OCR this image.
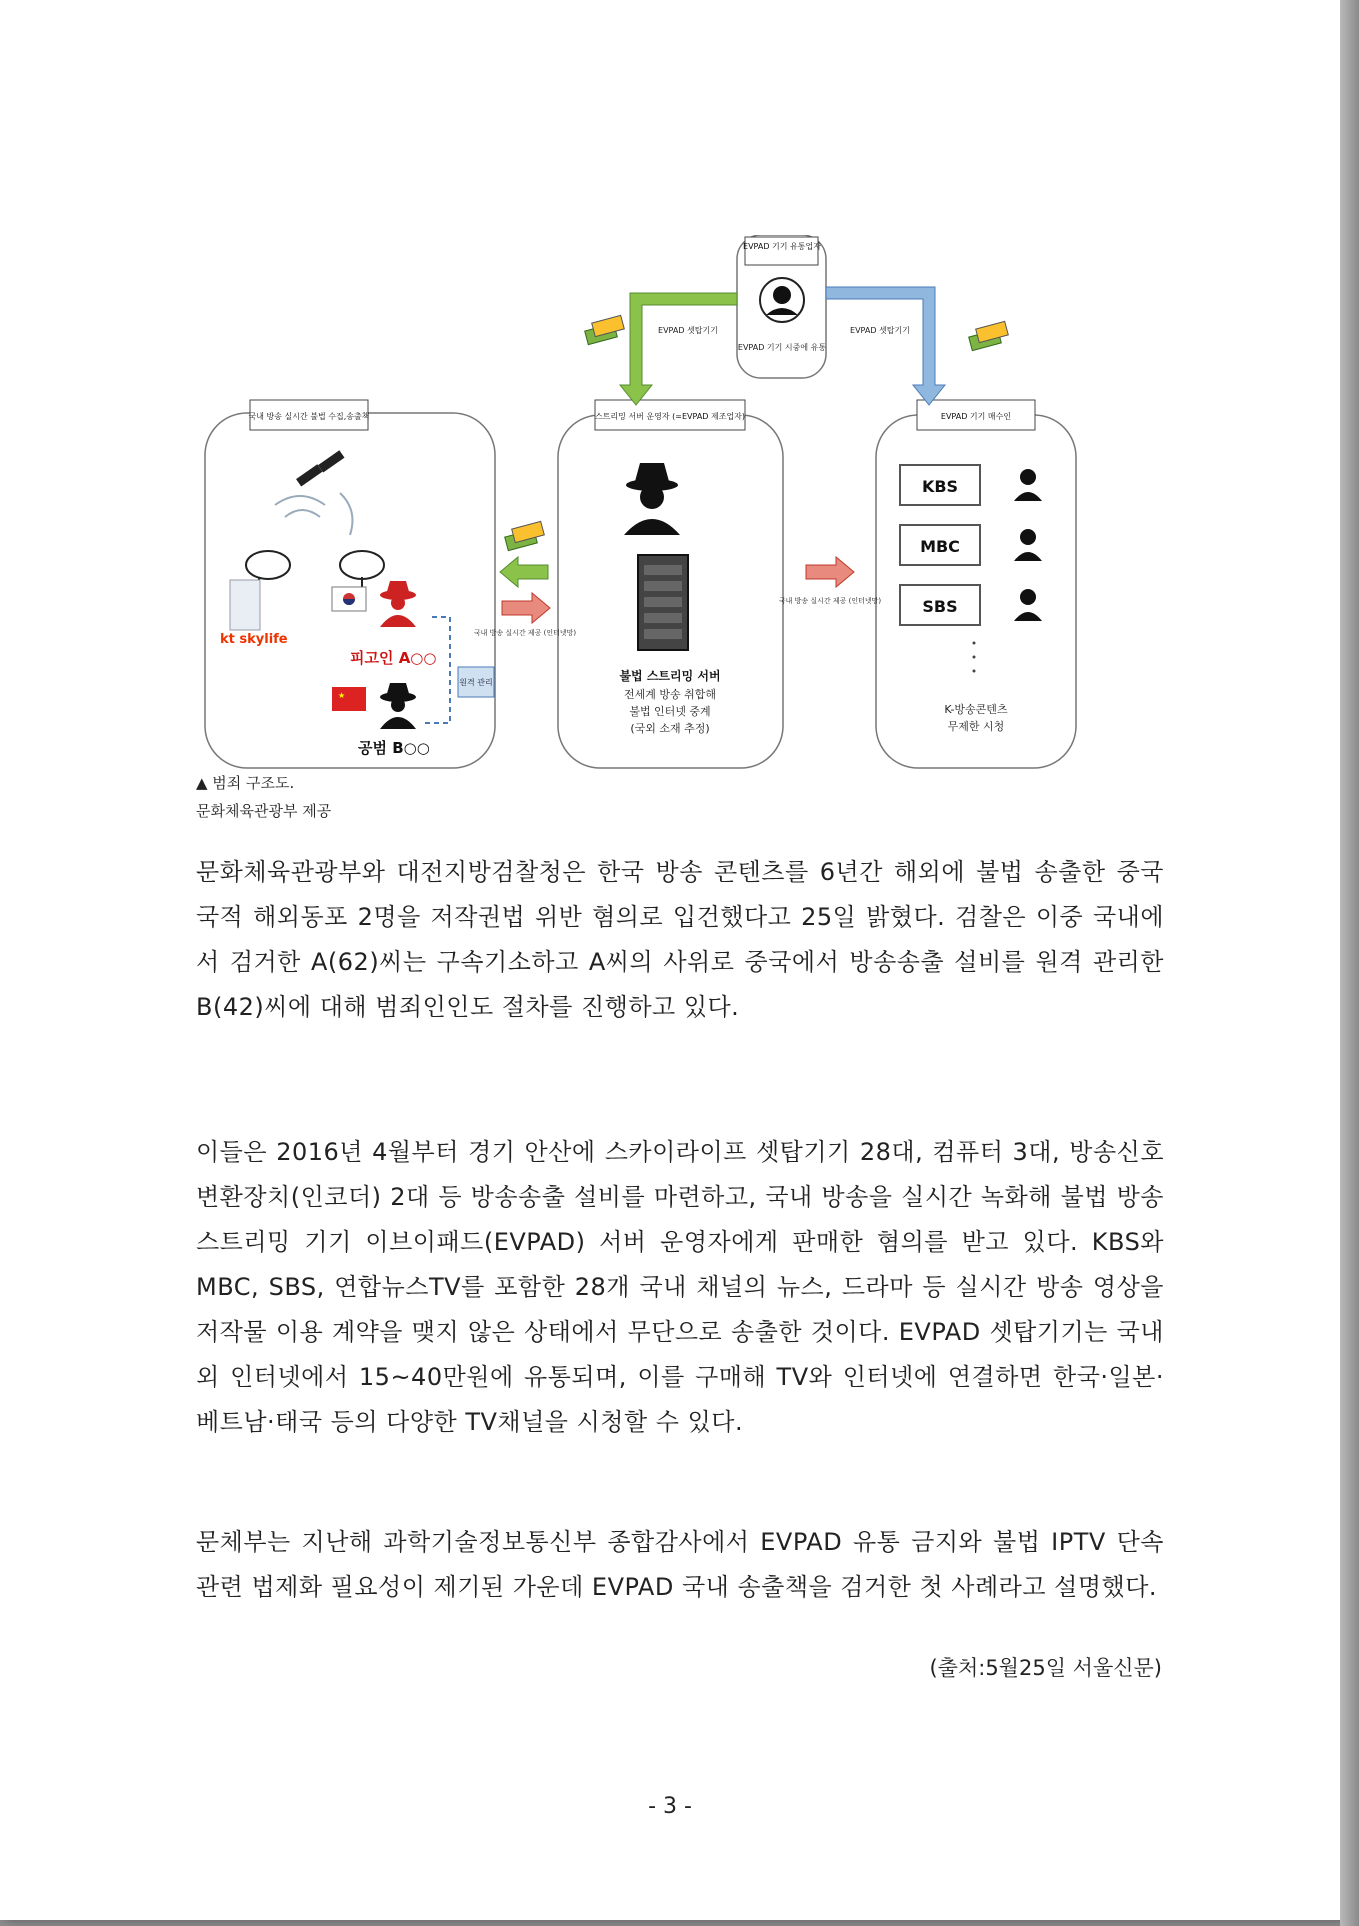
EVPAD 기기 유통업자
EVPAD 기기 시중에 유통
국내 방송 실시간 불법 수집,송출책
kt skylife
피고인 A○○
★
공범 B○○
원격 관리
스트리밍 서버 운영자 (=EVPAD 제조업자)
불법 스트리밍 서버
전세계 방송 취합해
불법 인터넷 중계
(국외 소재 추정)
EVPAD 기기 매수인
KBS
MBC
SBS
K-방송콘텐츠
무제한 시청
EVPAD 셋탑기기	EVPAD 셋탑기기
국내 방송 실시간 제공 (인터넷망)
국내 방송 실시간 제공 (인터넷망)
▲ 범죄 구조도.
문화체육관광부 제공

문화체육관광부와 대전지방검찰청은 한국 방송 콘텐츠를 6년간 해외에 불법 송출한 중국 국적 해외동포 2명을 저작권법 위반 혐의로 입건했다고 25일 밝혔다. 검찰은 이중 국내에서 검거한 A(62)씨는 구속기소하고 A씨의 사위로 중국에서 방송송출 설비를 원격 관리한 B(42)씨에 대해 범죄인인도 절차를 진행하고 있다.

이들은 2016년 4월부터 경기 안산에 스카이라이프 셋탑기기 28대, 컴퓨터 3대, 방송신호 변환장치(인코더) 2대 등 방송송출 설비를 마련하고, 국내 방송을 실시간 녹화해 불법 방송 스트리밍 기기 이브이패드(EVPAD) 서버 운영자에게 판매한 혐의를 받고 있다. KBS와 MBC, SBS, 연합뉴스TV를 포함한 28개 국내 채널의 뉴스, 드라마 등 실시간 방송 영상을 저작물 이용 계약을 맺지 않은 상태에서 무단으로 송출한 것이다. EVPAD 셋탑기기는 국내외 인터넷에서 15~40만원에 유통되며, 이를 구매해 TV와 인터넷에 연결하면 한국·일본·베트남·태국 등의 다양한 TV채널을 시청할 수 있다.

문체부는 지난해 과학기술정보통신부 종합감사에서 EVPAD 유통 금지와 불법 IPTV 단속 관련 법제화 필요성이 제기된 가운데 EVPAD 국내 송출책을 검거한 첫 사례라고 설명했다.

(출처:5월25일 서울신문)
- 3 -
